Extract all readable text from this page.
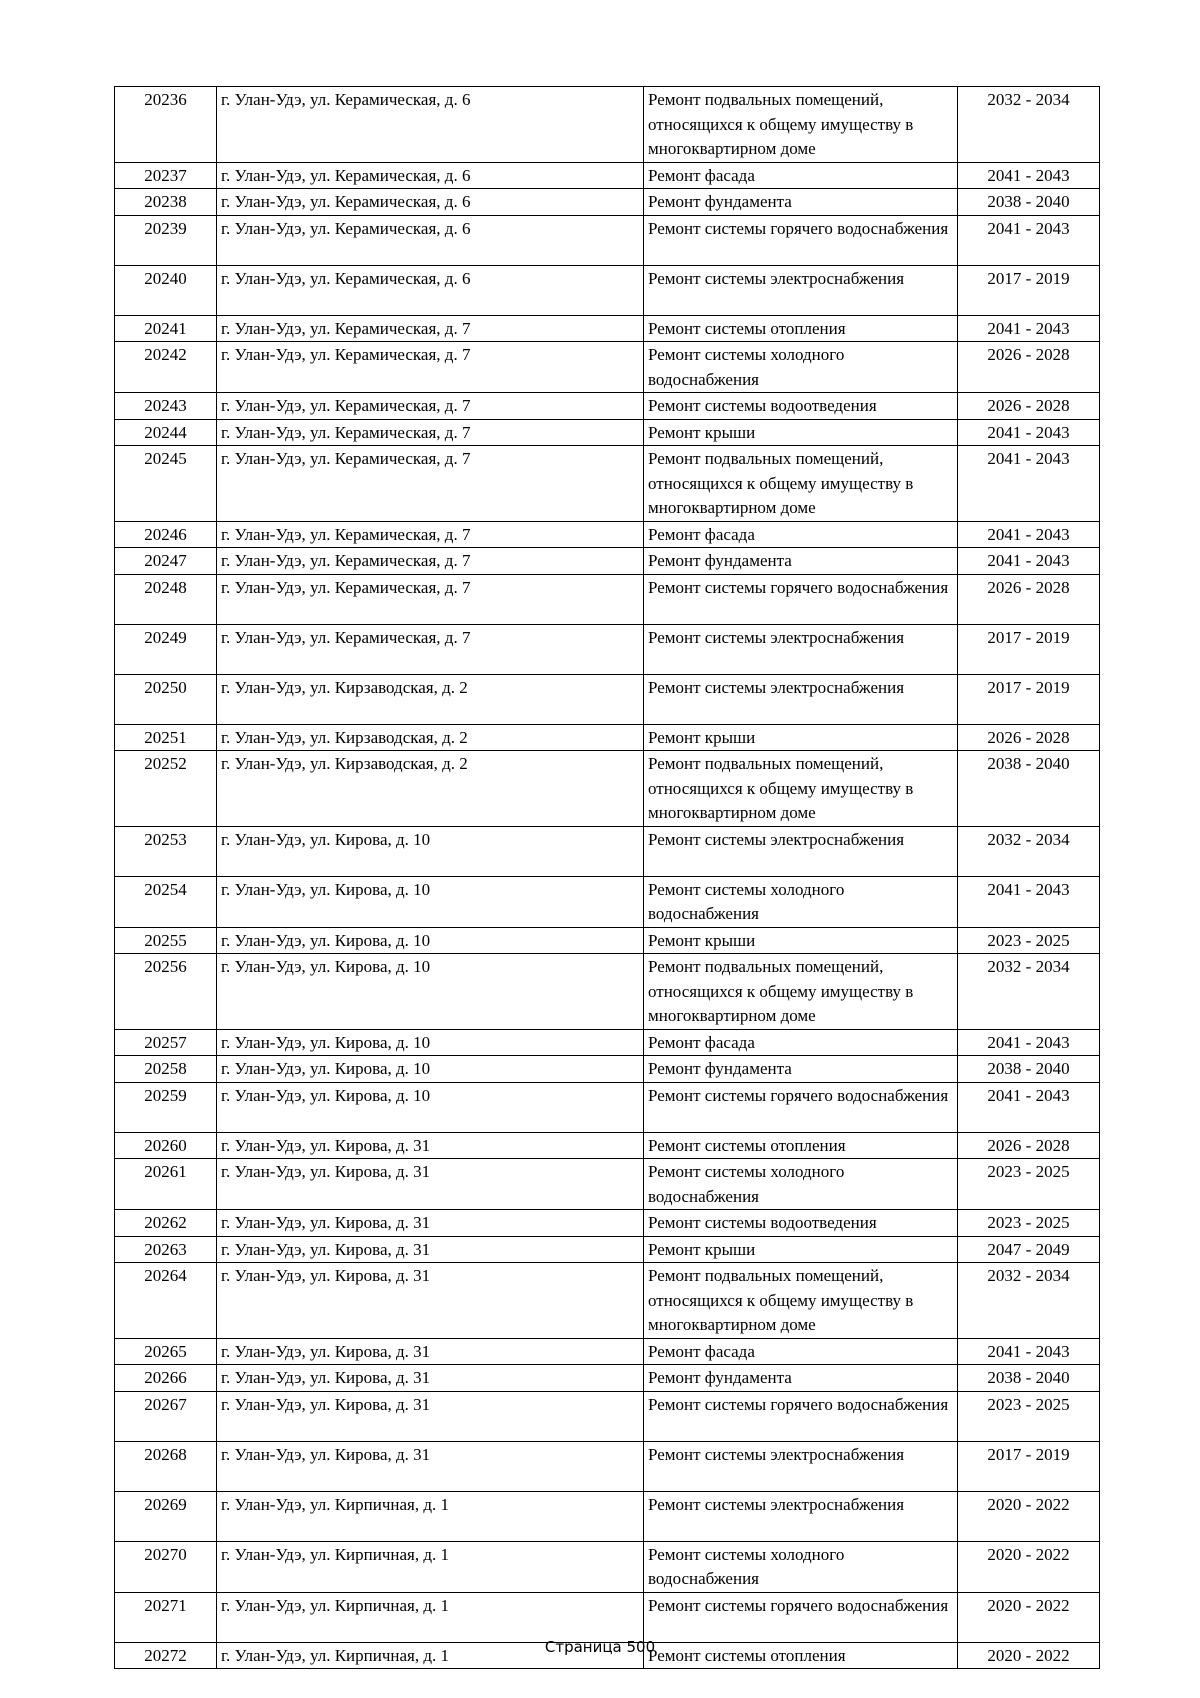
20236	г. Улан-Удэ, ул. Керамическая, д. 6	Ремонт подвальных помещений, относящихся к общему имуществу в многоквартирном доме	2032 - 2034
20237	г. Улан-Удэ, ул. Керамическая, д. 6	Ремонт фасада	2041 - 2043
20238	г. Улан-Удэ, ул. Керамическая, д. 6	Ремонт фундамента	2038 - 2040
20239	г. Улан-Удэ, ул. Керамическая, д. 6	Ремонт системы горячего водоснабжения	2041 - 2043
20240	г. Улан-Удэ, ул. Керамическая, д. 6	Ремонт системы электроснабжения	2017 - 2019
20241	г. Улан-Удэ, ул. Керамическая, д. 7	Ремонт системы отопления	2041 - 2043
20242	г. Улан-Удэ, ул. Керамическая, д. 7	Ремонт системы холодного водоснабжения	2026 - 2028
20243	г. Улан-Удэ, ул. Керамическая, д. 7	Ремонт системы водоотведения	2026 - 2028
20244	г. Улан-Удэ, ул. Керамическая, д. 7	Ремонт крыши	2041 - 2043
20245	г. Улан-Удэ, ул. Керамическая, д. 7	Ремонт подвальных помещений, относящихся к общему имуществу в многоквартирном доме	2041 - 2043
20246	г. Улан-Удэ, ул. Керамическая, д. 7	Ремонт фасада	2041 - 2043
20247	г. Улан-Удэ, ул. Керамическая, д. 7	Ремонт фундамента	2041 - 2043
20248	г. Улан-Удэ, ул. Керамическая, д. 7	Ремонт системы горячего водоснабжения	2026 - 2028
20249	г. Улан-Удэ, ул. Керамическая, д. 7	Ремонт системы электроснабжения	2017 - 2019
20250	г. Улан-Удэ, ул. Кирзаводская, д. 2	Ремонт системы электроснабжения	2017 - 2019
20251	г. Улан-Удэ, ул. Кирзаводская, д. 2	Ремонт крыши	2026 - 2028
20252	г. Улан-Удэ, ул. Кирзаводская, д. 2	Ремонт подвальных помещений, относящихся к общему имуществу в многоквартирном доме	2038 - 2040
20253	г. Улан-Удэ, ул. Кирова, д. 10	Ремонт системы электроснабжения	2032 - 2034
20254	г. Улан-Удэ, ул. Кирова, д. 10	Ремонт системы холодного водоснабжения	2041 - 2043
20255	г. Улан-Удэ, ул. Кирова, д. 10	Ремонт крыши	2023 - 2025
20256	г. Улан-Удэ, ул. Кирова, д. 10	Ремонт подвальных помещений, относящихся к общему имуществу в многоквартирном доме	2032 - 2034
20257	г. Улан-Удэ, ул. Кирова, д. 10	Ремонт фасада	2041 - 2043
20258	г. Улан-Удэ, ул. Кирова, д. 10	Ремонт фундамента	2038 - 2040
20259	г. Улан-Удэ, ул. Кирова, д. 10	Ремонт системы горячего водоснабжения	2041 - 2043
20260	г. Улан-Удэ, ул. Кирова, д. 31	Ремонт системы отопления	2026 - 2028
20261	г. Улан-Удэ, ул. Кирова, д. 31	Ремонт системы холодного водоснабжения	2023 - 2025
20262	г. Улан-Удэ, ул. Кирова, д. 31	Ремонт системы водоотведения	2023 - 2025
20263	г. Улан-Удэ, ул. Кирова, д. 31	Ремонт крыши	2047 - 2049
20264	г. Улан-Удэ, ул. Кирова, д. 31	Ремонт подвальных помещений, относящихся к общему имуществу в многоквартирном доме	2032 - 2034
20265	г. Улан-Удэ, ул. Кирова, д. 31	Ремонт фасада	2041 - 2043
20266	г. Улан-Удэ, ул. Кирова, д. 31	Ремонт фундамента	2038 - 2040
20267	г. Улан-Удэ, ул. Кирова, д. 31	Ремонт системы горячего водоснабжения	2023 - 2025
20268	г. Улан-Удэ, ул. Кирова, д. 31	Ремонт системы электроснабжения	2017 - 2019
20269	г. Улан-Удэ, ул. Кирпичная, д. 1	Ремонт системы электроснабжения	2020 - 2022
20270	г. Улан-Удэ, ул. Кирпичная, д. 1	Ремонт системы холодного водоснабжения	2020 - 2022
20271	г. Улан-Удэ, ул. Кирпичная, д. 1	Ремонт системы горячего водоснабжения	2020 - 2022
20272	г. Улан-Удэ, ул. Кирпичная, д. 1	Ремонт системы отопления	2020 - 2022
Страница 500
